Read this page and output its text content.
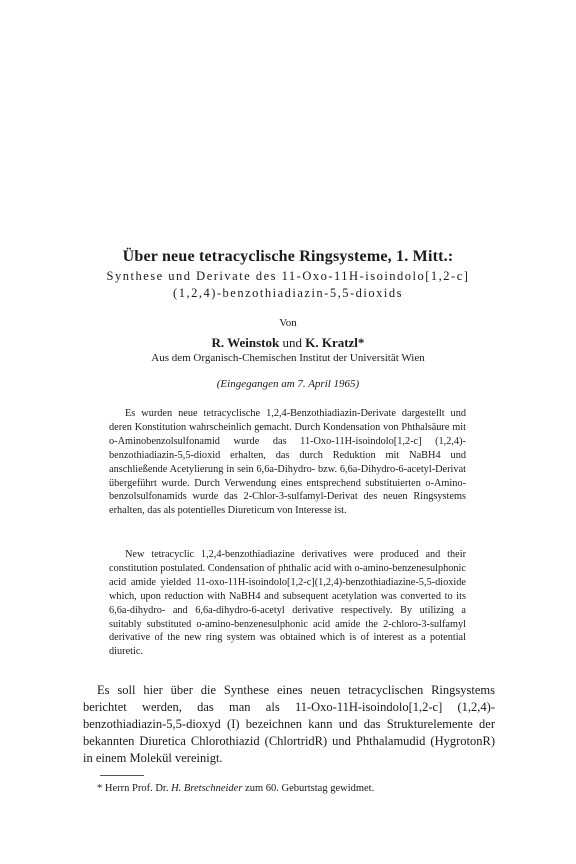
Über neue tetracyclische Ringsysteme, 1. Mitt.:
Synthese und Derivate des 11-Oxo-11H-isoindolo[1,2-c]
(1,2,4)-benzothiadiazin-5,5-dioxids
Von
R. Weinstok und K. Kratzl*
Aus dem Organisch-Chemischen Institut der Universität Wien
(Eingegangen am 7. April 1965)

Es wurden neue tetracyclische 1,2,4-Benzothiadiazin-Derivate dargestellt und deren Konstitution wahrscheinlich gemacht. Durch Kondensation von Phthalsäure mit o-Aminobenzolsulfonamid wurde das 11-Oxo-11H-isoindolo[1,2-c] (1,2,4)-benzothiadiazin-5,5-dioxid erhalten, das durch Reduktion mit NaBH4 und anschließende Acetylierung in sein 6,6a-Dihydro- bzw. 6,6a-Dihydro-6-acetyl-Derivat übergeführt wurde. Durch Verwendung eines entsprechend substituierten o-Amino-benzolsulfonamids wurde das 2-Chlor-3-sulfamyl-Derivat des neuen Ringsystems erhalten, das als potentielles Diureticum von Interesse ist.

New tetracyclic 1,2,4-benzothiadiazine derivatives were produced and their constitution postulated. Condensation of phthalic acid with o-amino-benzenesulphonic acid amide yielded 11-oxo-11H-isoindolo[1,2-c](1,2,4)-benzothiadiazine-5,5-dioxide which, upon reduction with NaBH4 and subsequent acetylation was converted to its 6,6a-dihydro- and 6,6a-dihydro-6-acetyl derivative respectively. By utilizing a suitably substituted o-amino-benzenesulphonic acid amide the 2-chloro-3-sulfamyl derivative of the new ring system was obtained which is of interest as a potential diuretic.

Es soll hier über die Synthese eines neuen tetracyclischen Ringsystems berichtet werden, das man als 11-Oxo-11H-isoindolo[1,2-c] (1,2,4)-benzothiadiazin-5,5-dioxyd (I) bezeichnen kann und das Strukturelemente der bekannten Diuretica Chlorothiazid (ChlortridR) und Phthalamudid (HygrotonR) in einem Molekül vereinigt.

* Herrn Prof. Dr. H. Bretschneider zum 60. Geburtstag gewidmet.
